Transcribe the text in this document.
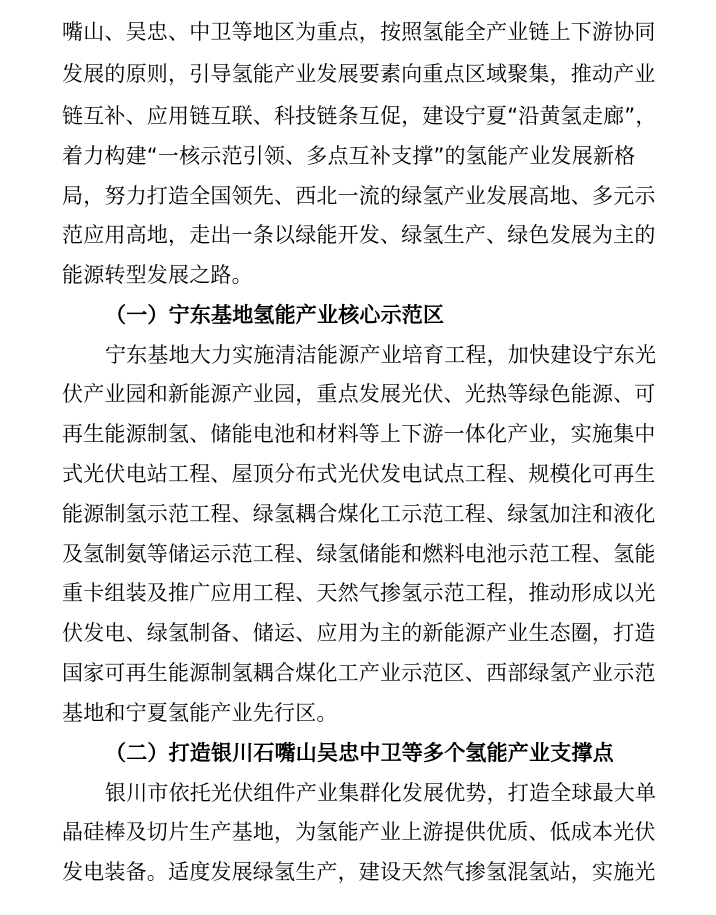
嘴山、吴忠、中卫等地区为重点，按照氢能全产业链上下游协同
发展的原则，引导氢能产业发展要素向重点区域聚集，推动产业
链互补、应用链互联、科技链条互促，建设宁夏“沿黄氢走廊”，
着力构建“一核示范引领、多点互补支撑”的氢能产业发展新格
局，努力打造全国领先、西北一流的绿氢产业发展高地、多元示
范应用高地，走出一条以绿能开发、绿氢生产、绿色发展为主的
能源转型发展之路。
（一）宁东基地氢能产业核心示范区
宁东基地大力实施清洁能源产业培育工程，加快建设宁东光
伏产业园和新能源产业园，重点发展光伏、光热等绿色能源、可
再生能源制氢、储能电池和材料等上下游一体化产业，实施集中
式光伏电站工程、屋顶分布式光伏发电试点工程、规模化可再生
能源制氢示范工程、绿氢耦合煤化工示范工程、绿氢加注和液化
及氢制氨等储运示范工程、绿氢储能和燃料电池示范工程、氢能
重卡组装及推广应用工程、天然气掺氢示范工程，推动形成以光
伏发电、绿氢制备、储运、应用为主的新能源产业生态圈，打造
国家可再生能源制氢耦合煤化工产业示范区、西部绿氢产业示范
基地和宁夏氢能产业先行区。
（二）打造银川石嘴山吴忠中卫等多个氢能产业支撑点
银川市依托光伏组件产业集群化发展优势，打造全球最大单
晶硅棒及切片生产基地，为氢能产业上游提供优质、低成本光伏
发电装备。适度发展绿氢生产，建设天然气掺氢混氢站，实施光
